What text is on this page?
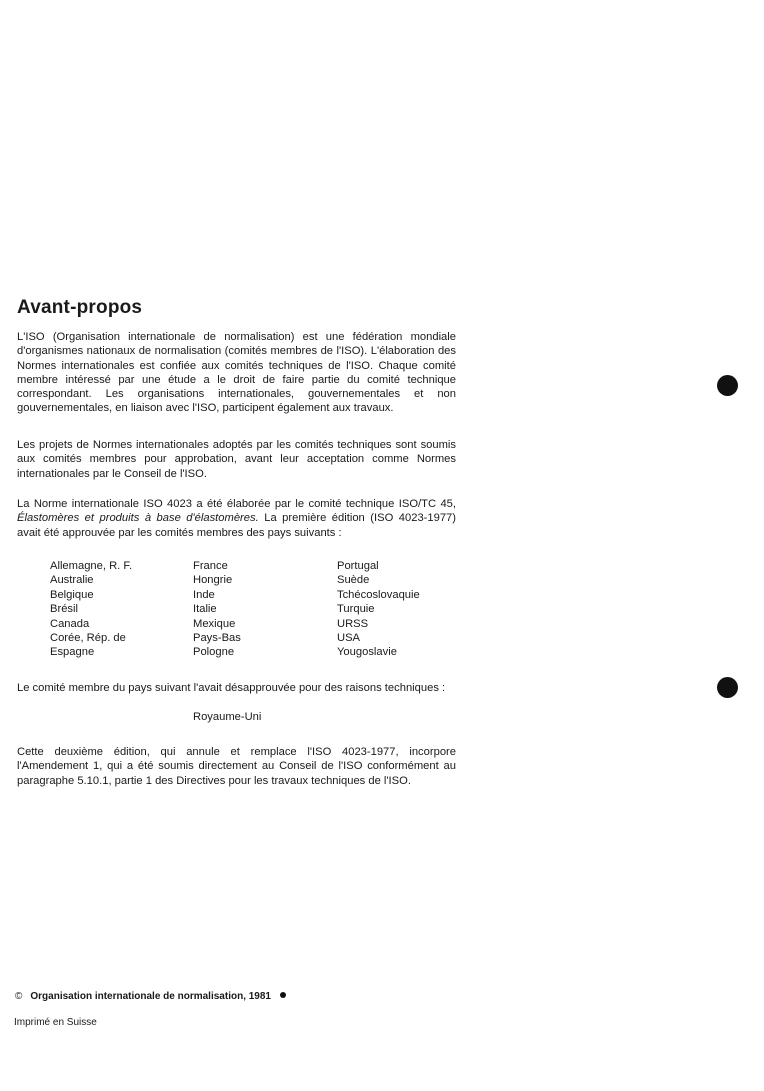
Avant-propos

L'ISO (Organisation internationale de normalisation) est une fédération mondiale d'organismes nationaux de normalisation (comités membres de l'ISO). L'élaboration des Normes internationales est confiée aux comités techniques de l'ISO. Chaque comité membre intéressé par une étude a le droit de faire partie du comité technique correspondant. Les organisations internationales, gouvernementales et non gouvernementales, en liaison avec l'ISO, participent également aux travaux.

Les projets de Normes internationales adoptés par les comités techniques sont soumis aux comités membres pour approbation, avant leur acceptation comme Normes internationales par le Conseil de l'ISO.

La Norme internationale ISO 4023 a été élaborée par le comité technique ISO/TC 45, Élastomères et produits à base d'élastomères. La première édition (ISO 4023-1977) avait été approuvée par les comités membres des pays suivants :

Allemagne, R. F.
Australie
Belgique
Brésil
Canada
Corée, Rép. de
Espagne
France
Hongrie
Inde
Italie
Mexique
Pays-Bas
Pologne
Portugal
Suède
Tchécoslovaquie
Turquie
URSS
USA
Yougoslavie

Le comité membre du pays suivant l'avait désapprouvée pour des raisons techniques :

Royaume-Uni

Cette deuxième édition, qui annule et remplace l'ISO 4023-1977, incorpore l'Amendement 1, qui a été soumis directement au Conseil de l'ISO conformément au paragraphe 5.10.1, partie 1 des Directives pour les travaux techniques de l'ISO.

© Organisation internationale de normalisation, 1981
Imprimé en Suisse
